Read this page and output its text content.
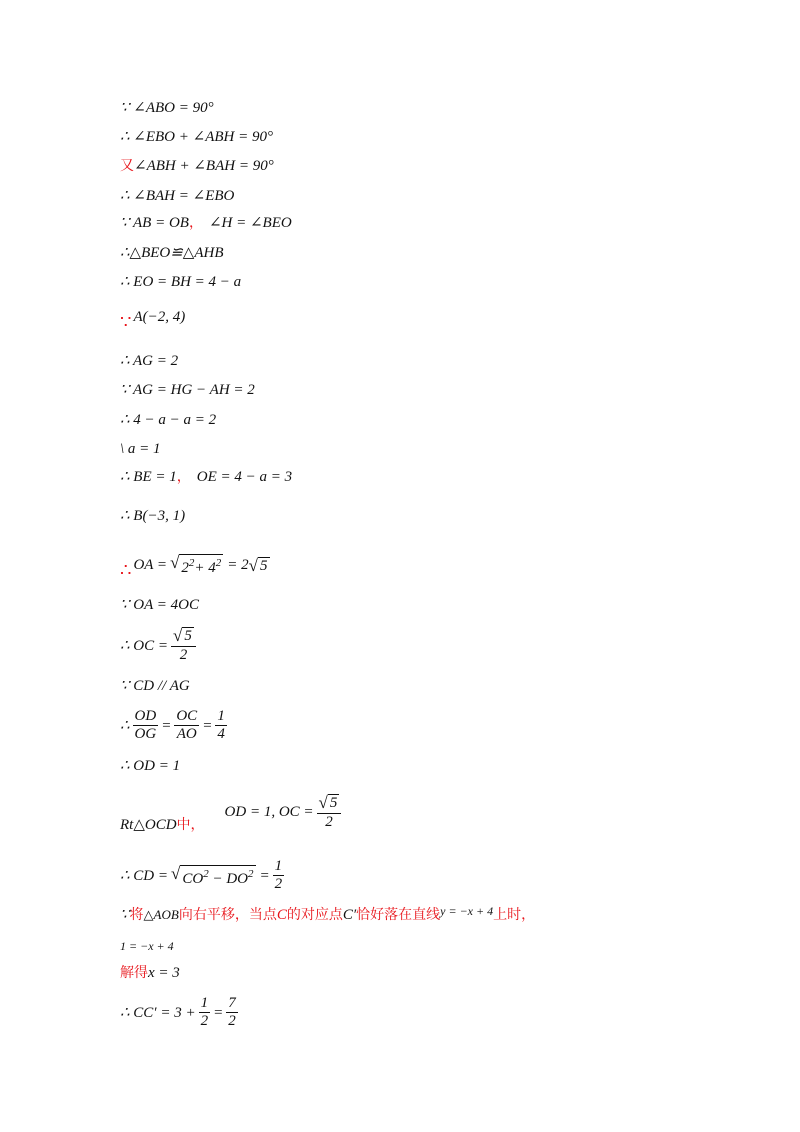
∵ ∠ABO = 90°
∴ ∠EBO + ∠ABH = 90°
又 ∠ABH + ∠BAH = 90°
∴ ∠BAH = ∠EBO
∵ AB = OB ， ∠H = ∠BEO
∴△BEO≌△AHB
∴ EO = BH = 4 − a
∵ A(−2, 4)
∴ AG = 2
∵ AG = HG − AH = 2
∴ 4 − a − a = 2
\ a = 1
∴ BE = 1 ， OE = 4 − a = 3
∴ B(−3, 1)
∴ OA = √ $2^2+ 4^2 = 2$ √ 5
∵ OA = 4OC
∴ OC = $\frac{√ 5}{2}$
∵ CD // AG
∴ $\frac{OD}{OG} = \frac{OC}{AO} = \frac{1}{4}$
∴ OD = 1
Rt△OCD 中，
OD = 1, OC = $\frac{√ 5}{2}$
∴ CD = √ $CO^2 - DO^2 = \frac{1}{2}$
∵ 将 △AOB 向右平移，当点 C 的对应点 C′ 恰好落在直线 y = −x + 4 上时，
1 = −x + 4
解得 x = 3
∴ $CC' = 3 + \frac{1}{2} = \frac{7}{2}$
